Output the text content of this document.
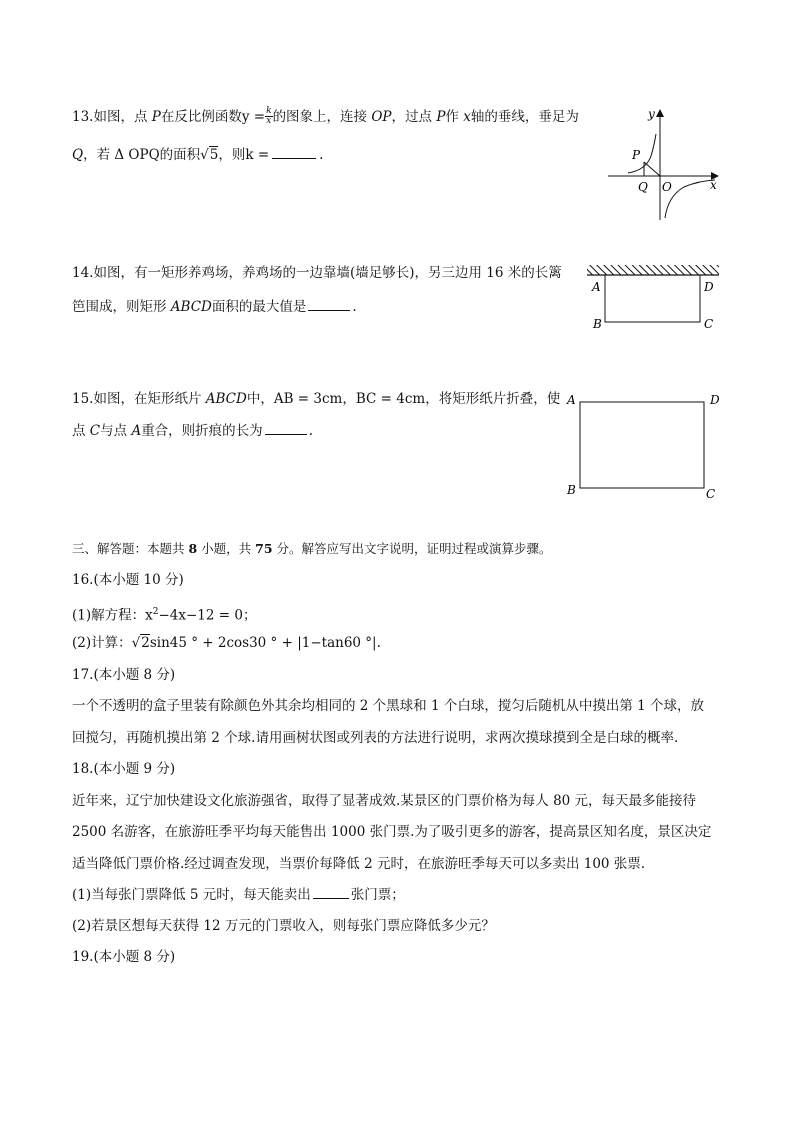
13.如图，点 P在反比例函数$y = \frac{k}{x}$ 的图象上，连接 OP，过点 P作 x轴的垂线，垂足为
Q，若 Δ OPQ的面积√5，则k =	.
y
x
P
Q O
14.如图，有一矩形养鸡场，养鸡场的一边靠墙(墙足够长)，另三边用 16 米的长篱
笆围成，则矩形 ABCD面积的最大值是	.
A	D
B	C
15.如图，在矩形纸片 ABCD中，AB = 3cm，BC = 4cm，将矩形纸片折叠，使
点 C与点 A重合，则折痕的长为	.
A	D
B	C
三、解答题：本题共 8 小题，共 75 分。解答应写出文字说明，证明过程或演算步骤。
16.(本小题 10 分)
(1)解方程：$x^2-4x-12 = 0$；
(2)计算：√2sin45 ° + 2cos30 ° + |1−tan60 °|.
17.(本小题 8 分)
一个不透明的盒子里装有除颜色外其余均相同的 2 个黑球和 1 个白球，搅匀后随机从中摸出第 1 个球，放
回搅匀，再随机摸出第 2 个球.请用画树状图或列表的方法进行说明，求两次摸球摸到全是白球的概率.
18.(本小题 9 分)
近年来，辽宁加快建设文化旅游强省，取得了显著成效.某景区的门票价格为每人 80 元，每天最多能接待
2500 名游客，在旅游旺季平均每天能售出 1000 张门票.为了吸引更多的游客，提高景区知名度，景区决定
适当降低门票价格.经过调查发现，当票价每降低 2 元时，在旅游旺季每天可以多卖出 100 张票.
(1)当每张门票降低 5 元时，每天能卖出	张门票；
(2)若景区想每天获得 12 万元的门票收入，则每张门票应降低多少元？
19.(本小题 8 分)
